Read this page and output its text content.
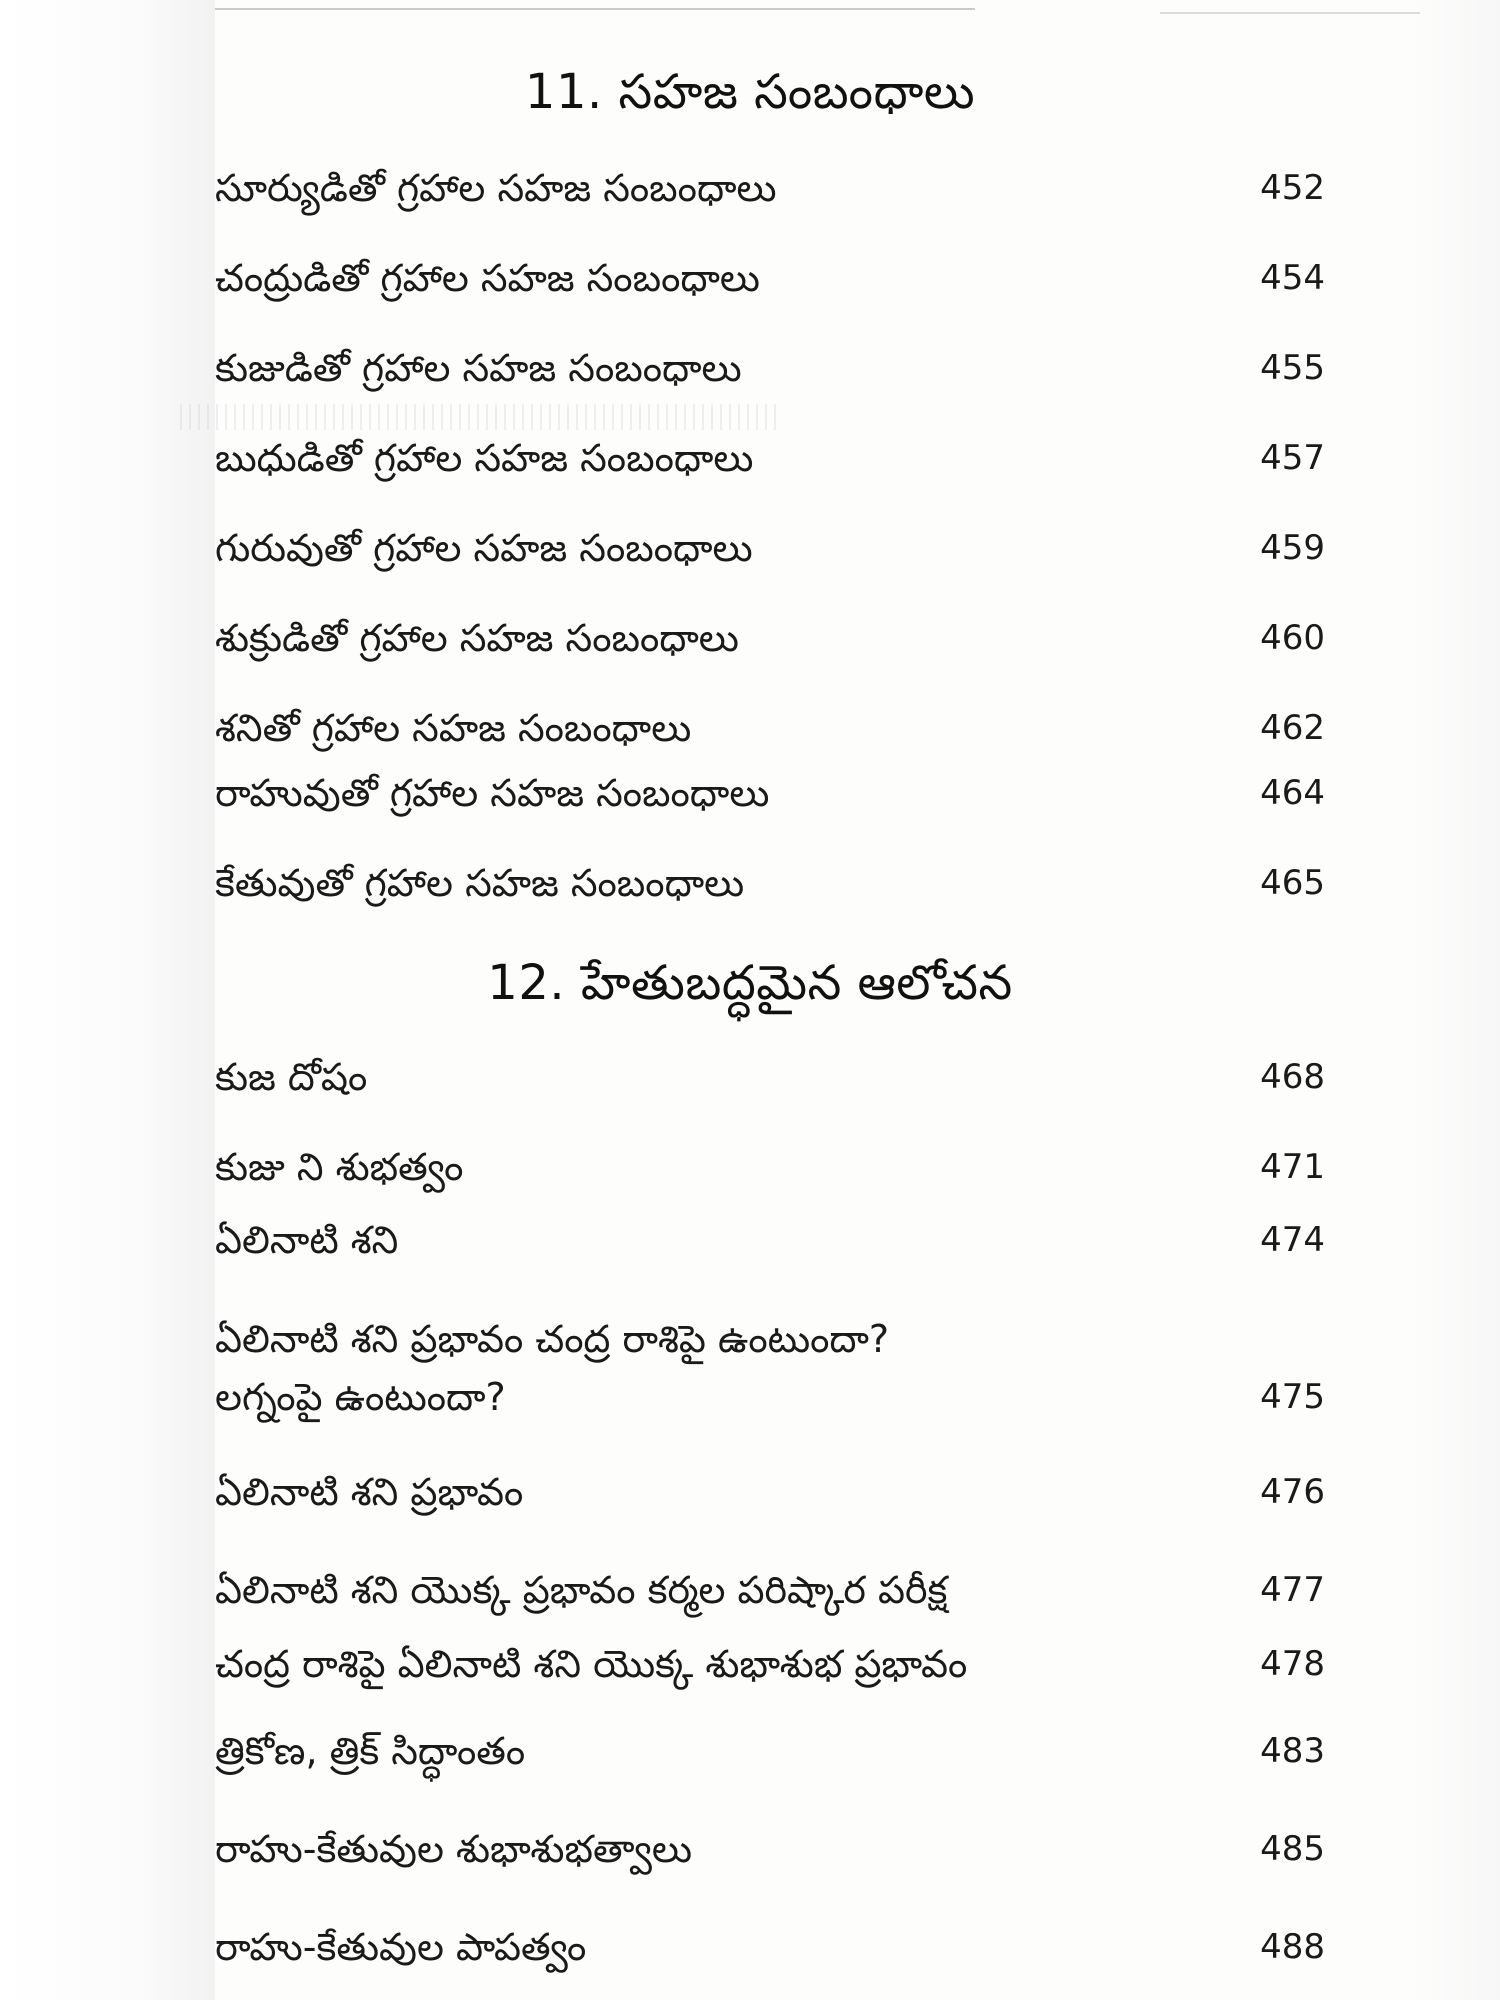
11. సహజ సంబంధాలు
సూర్యుడితో గ్రహాల సహజ సంబంధాలు	452
చంద్రుడితో గ్రహాల సహజ సంబంధాలు	454
కుజుడితో గ్రహాల సహజ సంబంధాలు	455
బుధుడితో గ్రహాల సహజ సంబంధాలు	457
గురువుతో గ్రహాల సహజ సంబంధాలు	459
శుక్రుడితో గ్రహాల సహజ సంబంధాలు	460
శనితో గ్రహాల సహజ సంబంధాలు	462
రాహువుతో గ్రహాల సహజ సంబంధాలు	464
కేతువుతో గ్రహాల సహజ సంబంధాలు	465
12. హేతుబద్ధమైన ఆలోచన
కుజ దోషం	468
కుజు ని శుభత్వం	471
ఏలినాటి శని	474
ఏలినాటి శని ప్రభావం చంద్ర రాశిపై ఉంటుందా?
లగ్నంపై ఉంటుందా?	475
ఏలినాటి శని ప్రభావం	476
ఏలినాటి శని యొక్క ప్రభావం కర్మల పరిష్కార పరీక్ష	477
చంద్ర రాశిపై ఏలినాటి శని యొక్క శుభాశుభ ప్రభావం	478
త్రికోణ, త్రిక్ సిద్ధాంతం	483
రాహు-కేతువుల శుభాశుభత్వాలు	485
రాహు-కేతువుల పాపత్వం	488
